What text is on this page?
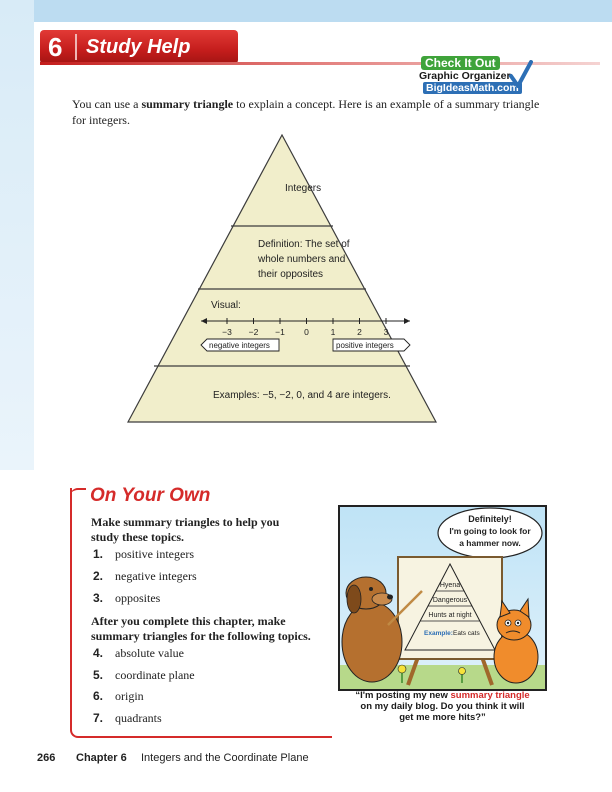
6 Study Help
Check It Out
Graphic Organizer
BigIdeasMath.com
You can use a summary triangle to explain a concept. Here is an example of a summary triangle for integers.
Integers
Definition: The set of
whole numbers and
their opposites
Visual:
−3 −2 −1 0	1	2	3
negative integers	positive integers
Examples: −5, −2, 0, and 4 are integers.
On Your Own
Make summary triangles to help you
study these topics.
1. positive integers
2. negative integers
3. opposites
After you complete this chapter, make
summary triangles for the following topics.
4. absolute value
5. coordinate plane
6. origin
7. quadrants
Definitely!
I'm going to look for
a hammer now.
Hyena
Dangerous
Hunts at night
Example: Eats cats
“I'm posting my new summary triangle
on my daily blog. Do you think it will
get me more hits?”
266 Chapter 6 Integers and the Coordinate Plane
